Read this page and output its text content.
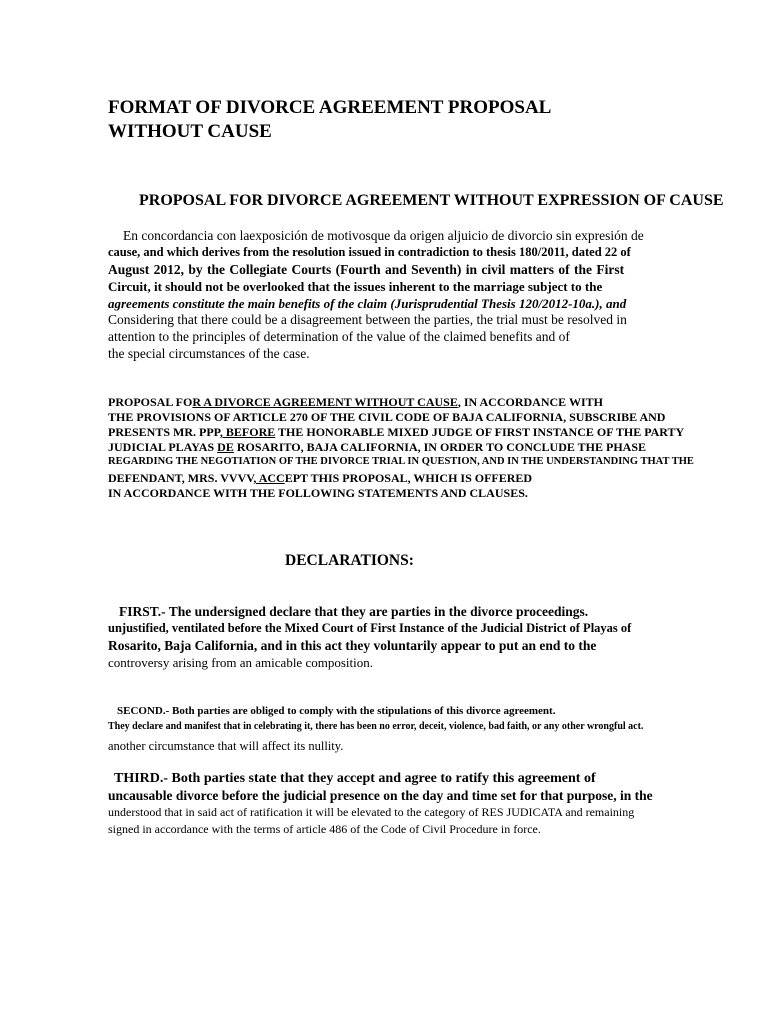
FORMAT OF DIVORCE AGREEMENT PROPOSAL

WITHOUT CAUSE

PROPOSAL FOR DIVORCE AGREEMENT WITHOUT EXPRESSION OF CAUSE

En concordancia con laexposición de motivosque da origen aljuicio de divorcio sin expresión de

cause, and which derives from the resolution issued in contradiction to thesis 180/2011, dated 22 of

August 2012, by the Collegiate Courts (Fourth and Seventh) in civil matters of the First

Circuit, it should not be overlooked that the issues inherent to the marriage subject to the

agreements constitute the main benefits of the claim (Jurisprudential Thesis 120/2012-10a.), and

Considering that there could be a disagreement between the parties, the trial must be resolved in

attention to the principles of determination of the value of the claimed benefits and of

the special circumstances of the case.

PROPOSAL FOR A DIVORCE AGREEMENT WITHOUT CAUSE, IN ACCORDANCE WITH

THE PROVISIONS OF ARTICLE 270 OF THE CIVIL CODE OF BAJA CALIFORNIA, SUBSCRIBE AND

PRESENTS MR. PPP, BEFORE THE HONORABLE MIXED JUDGE OF FIRST INSTANCE OF THE PARTY

JUDICIAL PLAYAS DE ROSARITO, BAJA CALIFORNIA, IN ORDER TO CONCLUDE THE PHASE

REGARDING THE NEGOTIATION OF THE DIVORCE TRIAL IN QUESTION, AND IN THE UNDERSTANDING THAT THE

DEFENDANT, MRS. VVVV, ACCEPT THIS PROPOSAL, WHICH IS OFFERED

IN ACCORDANCE WITH THE FOLLOWING STATEMENTS AND CLAUSES.

DECLARATIONS:

FIRST.- The undersigned declare that they are parties in the divorce proceedings.

unjustified, ventilated before the Mixed Court of First Instance of the Judicial District of Playas of

Rosarito, Baja California, and in this act they voluntarily appear to put an end to the

controversy arising from an amicable composition.

SECOND.- Both parties are obliged to comply with the stipulations of this divorce agreement.

They declare and manifest that in celebrating it, there has been no error, deceit, violence, bad faith, or any other wrongful act.

another circumstance that will affect its nullity.

THIRD.- Both parties state that they accept and agree to ratify this agreement of

uncausable divorce before the judicial presence on the day and time set for that purpose, in the

understood that in said act of ratification it will be elevated to the category of RES JUDICATA and remaining

signed in accordance with the terms of article 486 of the Code of Civil Procedure in force.
